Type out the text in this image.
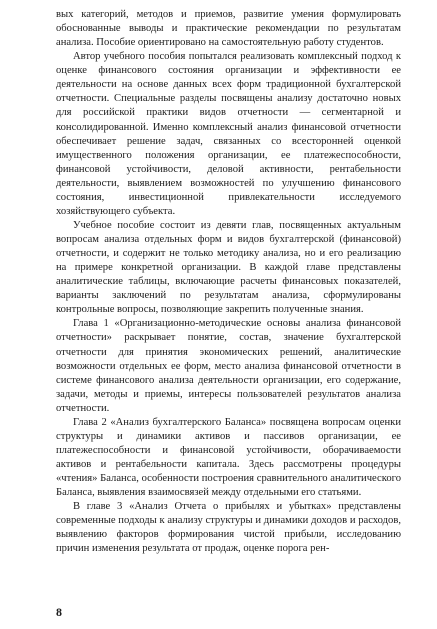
вых категорий, методов и приемов, развитие умения формулировать обоснованные выводы и практические рекомендации по результатам анализа. Пособие ориентировано на самостоятельную работу студентов.

Автор учебного пособия попытался реализовать комплексный подход к оценке финансового состояния организации и эффективности ее деятельности на основе данных всех форм традиционной бухгалтерской отчетности. Специальные разделы посвящены анализу достаточно новых для российской практики видов отчетности — сегментарной и консолидированной. Именно комплексный анализ финансовой отчетности обеспечивает решение задач, связанных со всесторонней оценкой имущественного положения организации, ее платежеспособности, финансовой устойчивости, деловой активности, рентабельности деятельности, выявлением возможностей по улучшению финансового состояния, инвестиционной привлекательности исследуемого хозяйствующего субъекта.

Учебное пособие состоит из девяти глав, посвященных актуальным вопросам анализа отдельных форм и видов бухгалтерской (финансовой) отчетности, и содержит не только методику анализа, но и его реализацию на примере конкретной организации. В каждой главе представлены аналитические таблицы, включающие расчеты финансовых показателей, варианты заключений по результатам анализа, сформулированы контрольные вопросы, позволяющие закрепить полученные знания.

Глава 1 «Организационно-методические основы анализа финансовой отчетности» раскрывает понятие, состав, значение бухгалтерской отчетности для принятия экономических решений, аналитические возможности отдельных ее форм, место анализа финансовой отчетности в системе финансового анализа деятельности организации, его содержание, задачи, методы и приемы, интересы пользователей результатов анализа отчетности.

Глава 2 «Анализ бухгалтерского Баланса» посвящена вопросам оценки структуры и динамики активов и пассивов организации, ее платежеспособности и финансовой устойчивости, оборачиваемости активов и рентабельности капитала. Здесь рассмотрены процедуры «чтения» Баланса, особенности построения сравнительного аналитического Баланса, выявления взаимосвязей между отдельными его статьями.

В главе 3 «Анализ Отчета о прибылях и убытках» представлены современные подходы к анализу структуры и динамики доходов и расходов, выявлению факторов формирования чистой прибыли, исследованию причин изменения результата от продаж, оценке порога рен-

8
